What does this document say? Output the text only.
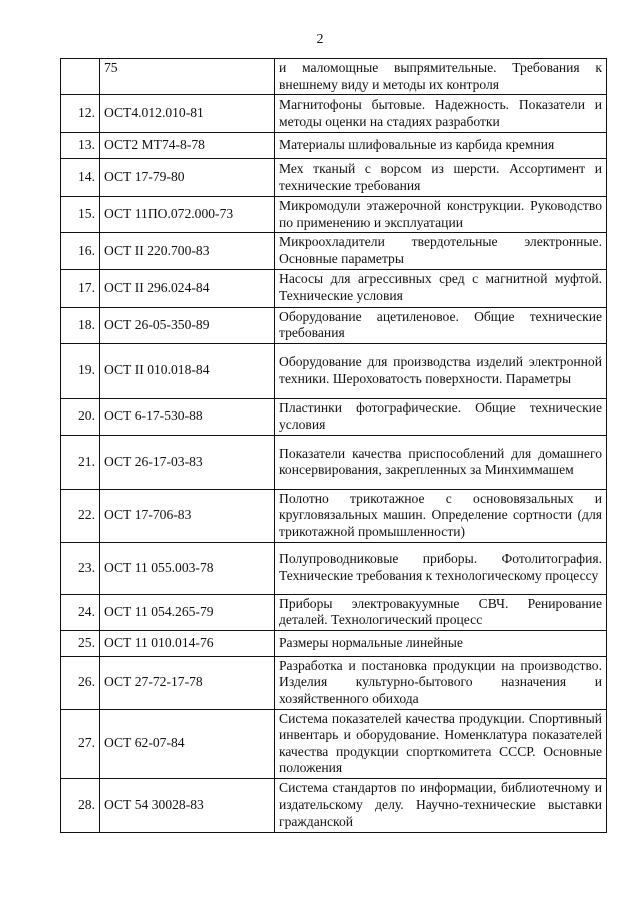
2
	75	и маломощные выпрямительные. Требования к внешнему виду и методы их контроля
12.	ОСТ4.012.010-81	Магнитофоны бытовые. Надежность. Показатели и методы оценки на стадиях разработки
13.	ОСТ2 МТ74-8-78	Материалы шлифовальные из карбида кремния
14.	ОСТ 17-79-80	Мех тканый с ворсом из шерсти. Ассортимент и технические требования
15.	ОСТ 11ПО.072.000-73	Микромодули этажерочной конструкции. Руководство по применению и эксплуатации
16.	ОСТ II 220.700-83	Микроохладители твердотельные электронные. Основные параметры
17.	ОСТ II 296.024-84	Насосы для агрессивных сред с магнитной муфтой. Технические условия
18.	ОСТ 26-05-350-89	Оборудование ацетиленовое. Общие технические требования
19.	ОСТ II 010.018-84	Оборудование для производства изделий электронной техники. Шероховатость поверхности. Параметры
20.	ОСТ 6-17-530-88	Пластинки фотографические. Общие технические условия
21.	ОСТ 26-17-03-83	Показатели качества приспособлений для домашнего консервирования, закрепленных за Минхиммашем
22.	ОСТ 17-706-83	Полотно трикотажное с основовязальных и кругловязальных машин. Определение сортности (для трикотажной промышленности)
23.	ОСТ 11 055.003-78	Полупроводниковые приборы. Фотолитография. Технические требования к технологическому процессу
24.	ОСТ 11 054.265-79	Приборы электровакуумные СВЧ. Ренирование деталей. Технологический процесс
25.	ОСТ 11 010.014-76	Размеры нормальные линейные
26.	ОСТ 27-72-17-78	Разработка и постановка продукции на производство. Изделия культурно-бытового назначения и хозяйственного обихода
27.	ОСТ 62-07-84	Система показателей качества продукции. Спортивный инвентарь и оборудование. Номенклатура показателей качества продукции спорткомитета СССР. Основные положения
28.	ОСТ 54 30028-83	Система стандартов по информации, библиотечному и издательскому делу. Научно-технические выставки гражданской
